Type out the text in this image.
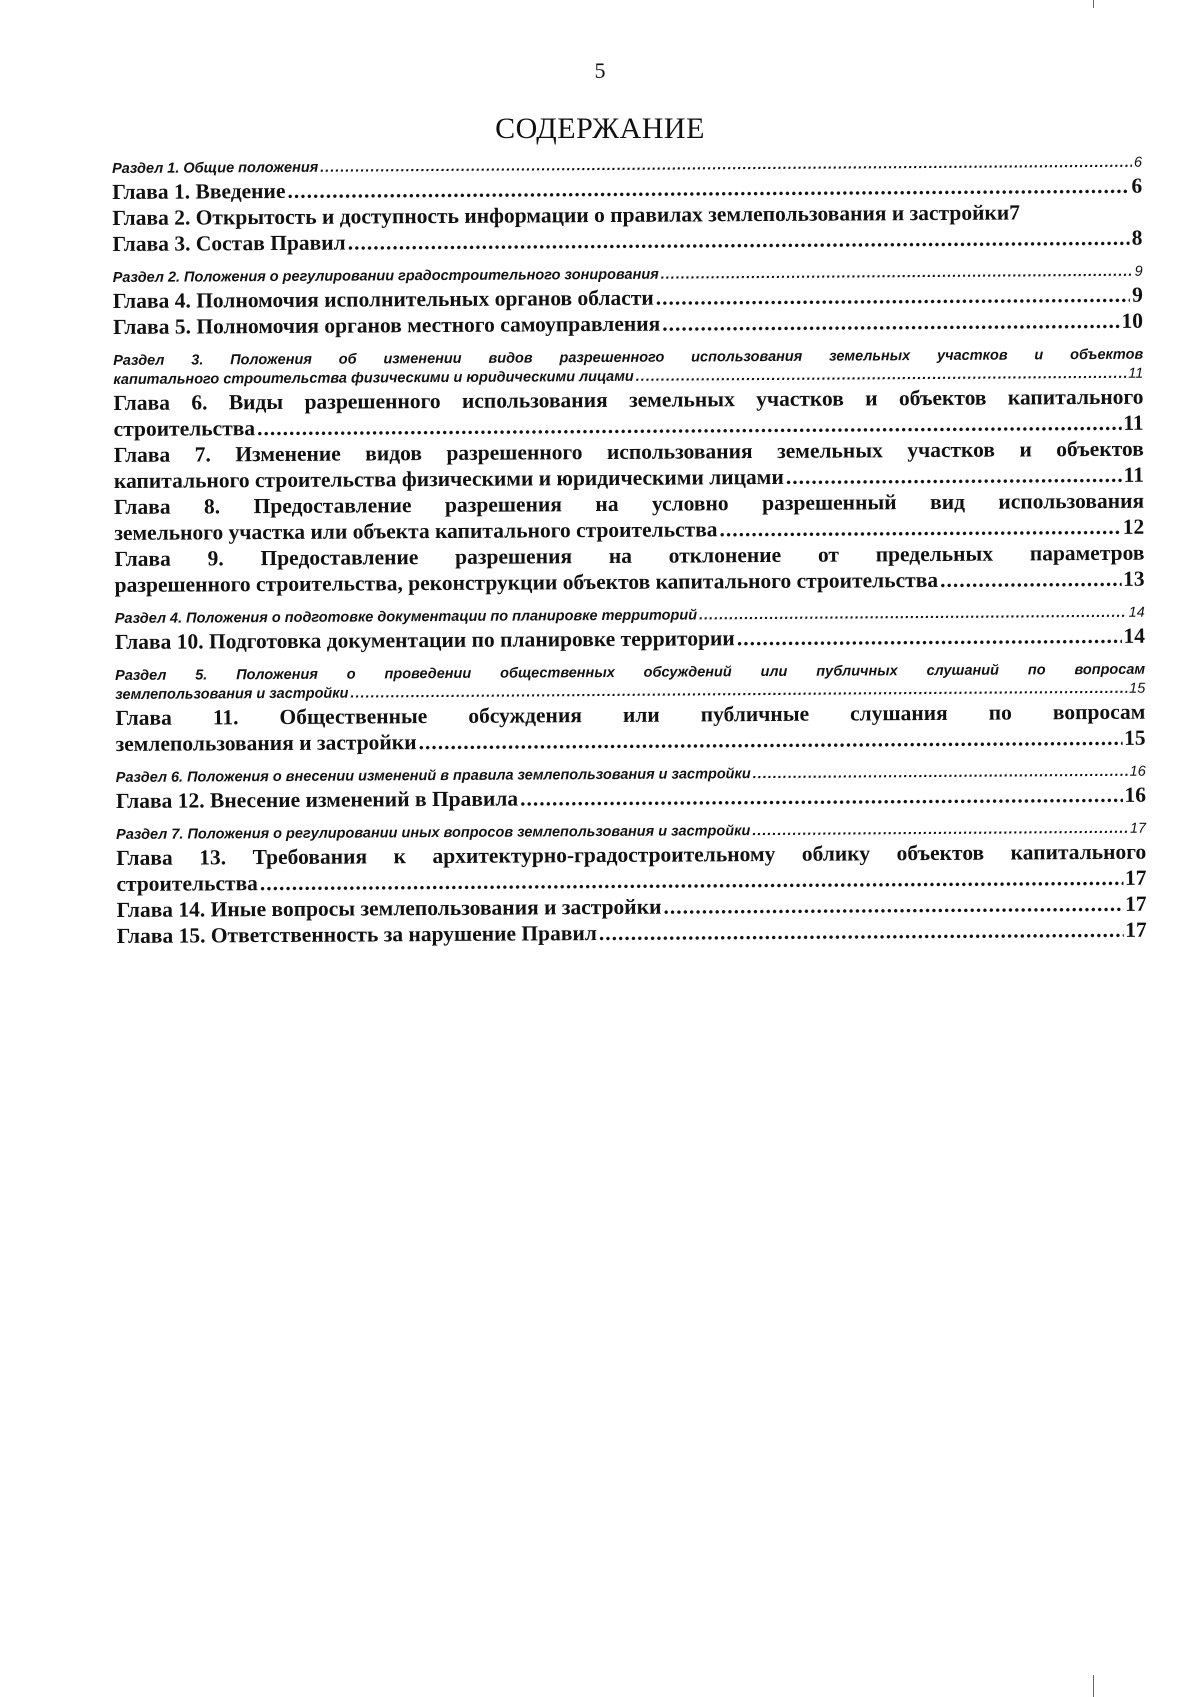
5
СОДЕРЖАНИЕ
Раздел 1. Общие положения .....	6
Глава 1. Введение .....	6
Глава 2. Открытость и доступность информации о правилах землепользования и застройки 7
Глава 3. Состав Правил .....	8
Раздел 2. Положения о регулировании градостроительного зонирования .....	9
Глава 4. Полномочия исполнительных органов области .....	9
Глава 5. Полномочия органов местного самоуправления .....	10
Раздел 3. Положения об изменении видов разрешенного использования земельных участков и объектов
капитального строительства физическими и юридическими лицами .....	11
Глава 6. Виды разрешенного использования земельных участков и объектов капитального
строительства .....	11
Глава 7. Изменение видов разрешенного использования земельных участков и объектов
капитального строительства физическими и юридическими лицами .....	11
Глава 8. Предоставление разрешения на условно разрешенный вид использования
земельного участка или объекта капитального строительства .....	12
Глава 9. Предоставление разрешения на отклонение от предельных параметров
разрешенного строительства, реконструкции объектов капитального строительства .....	13
Раздел 4. Положения о подготовке документации по планировке территорий .....	14
Глава 10. Подготовка документации по планировке территории .....	14
Раздел 5. Положения о проведении общественных обсуждений или публичных слушаний по вопросам
землепользования и застройки .....	15
Глава 11. Общественные обсуждения или публичные слушания по вопросам
землепользования и застройки .....	15
Раздел 6. Положения о внесении изменений в правила землепользования и застройки .....	16
Глава 12. Внесение изменений в Правила .....	16
Раздел 7. Положения о регулировании иных вопросов землепользования и застройки .....	17
Глава 13. Требования к архитектурно-градостроительному облику объектов капитального
строительства .....	17
Глава 14. Иные вопросы землепользования и застройки .....	17
Глава 15. Ответственность за нарушение Правил .....	17
